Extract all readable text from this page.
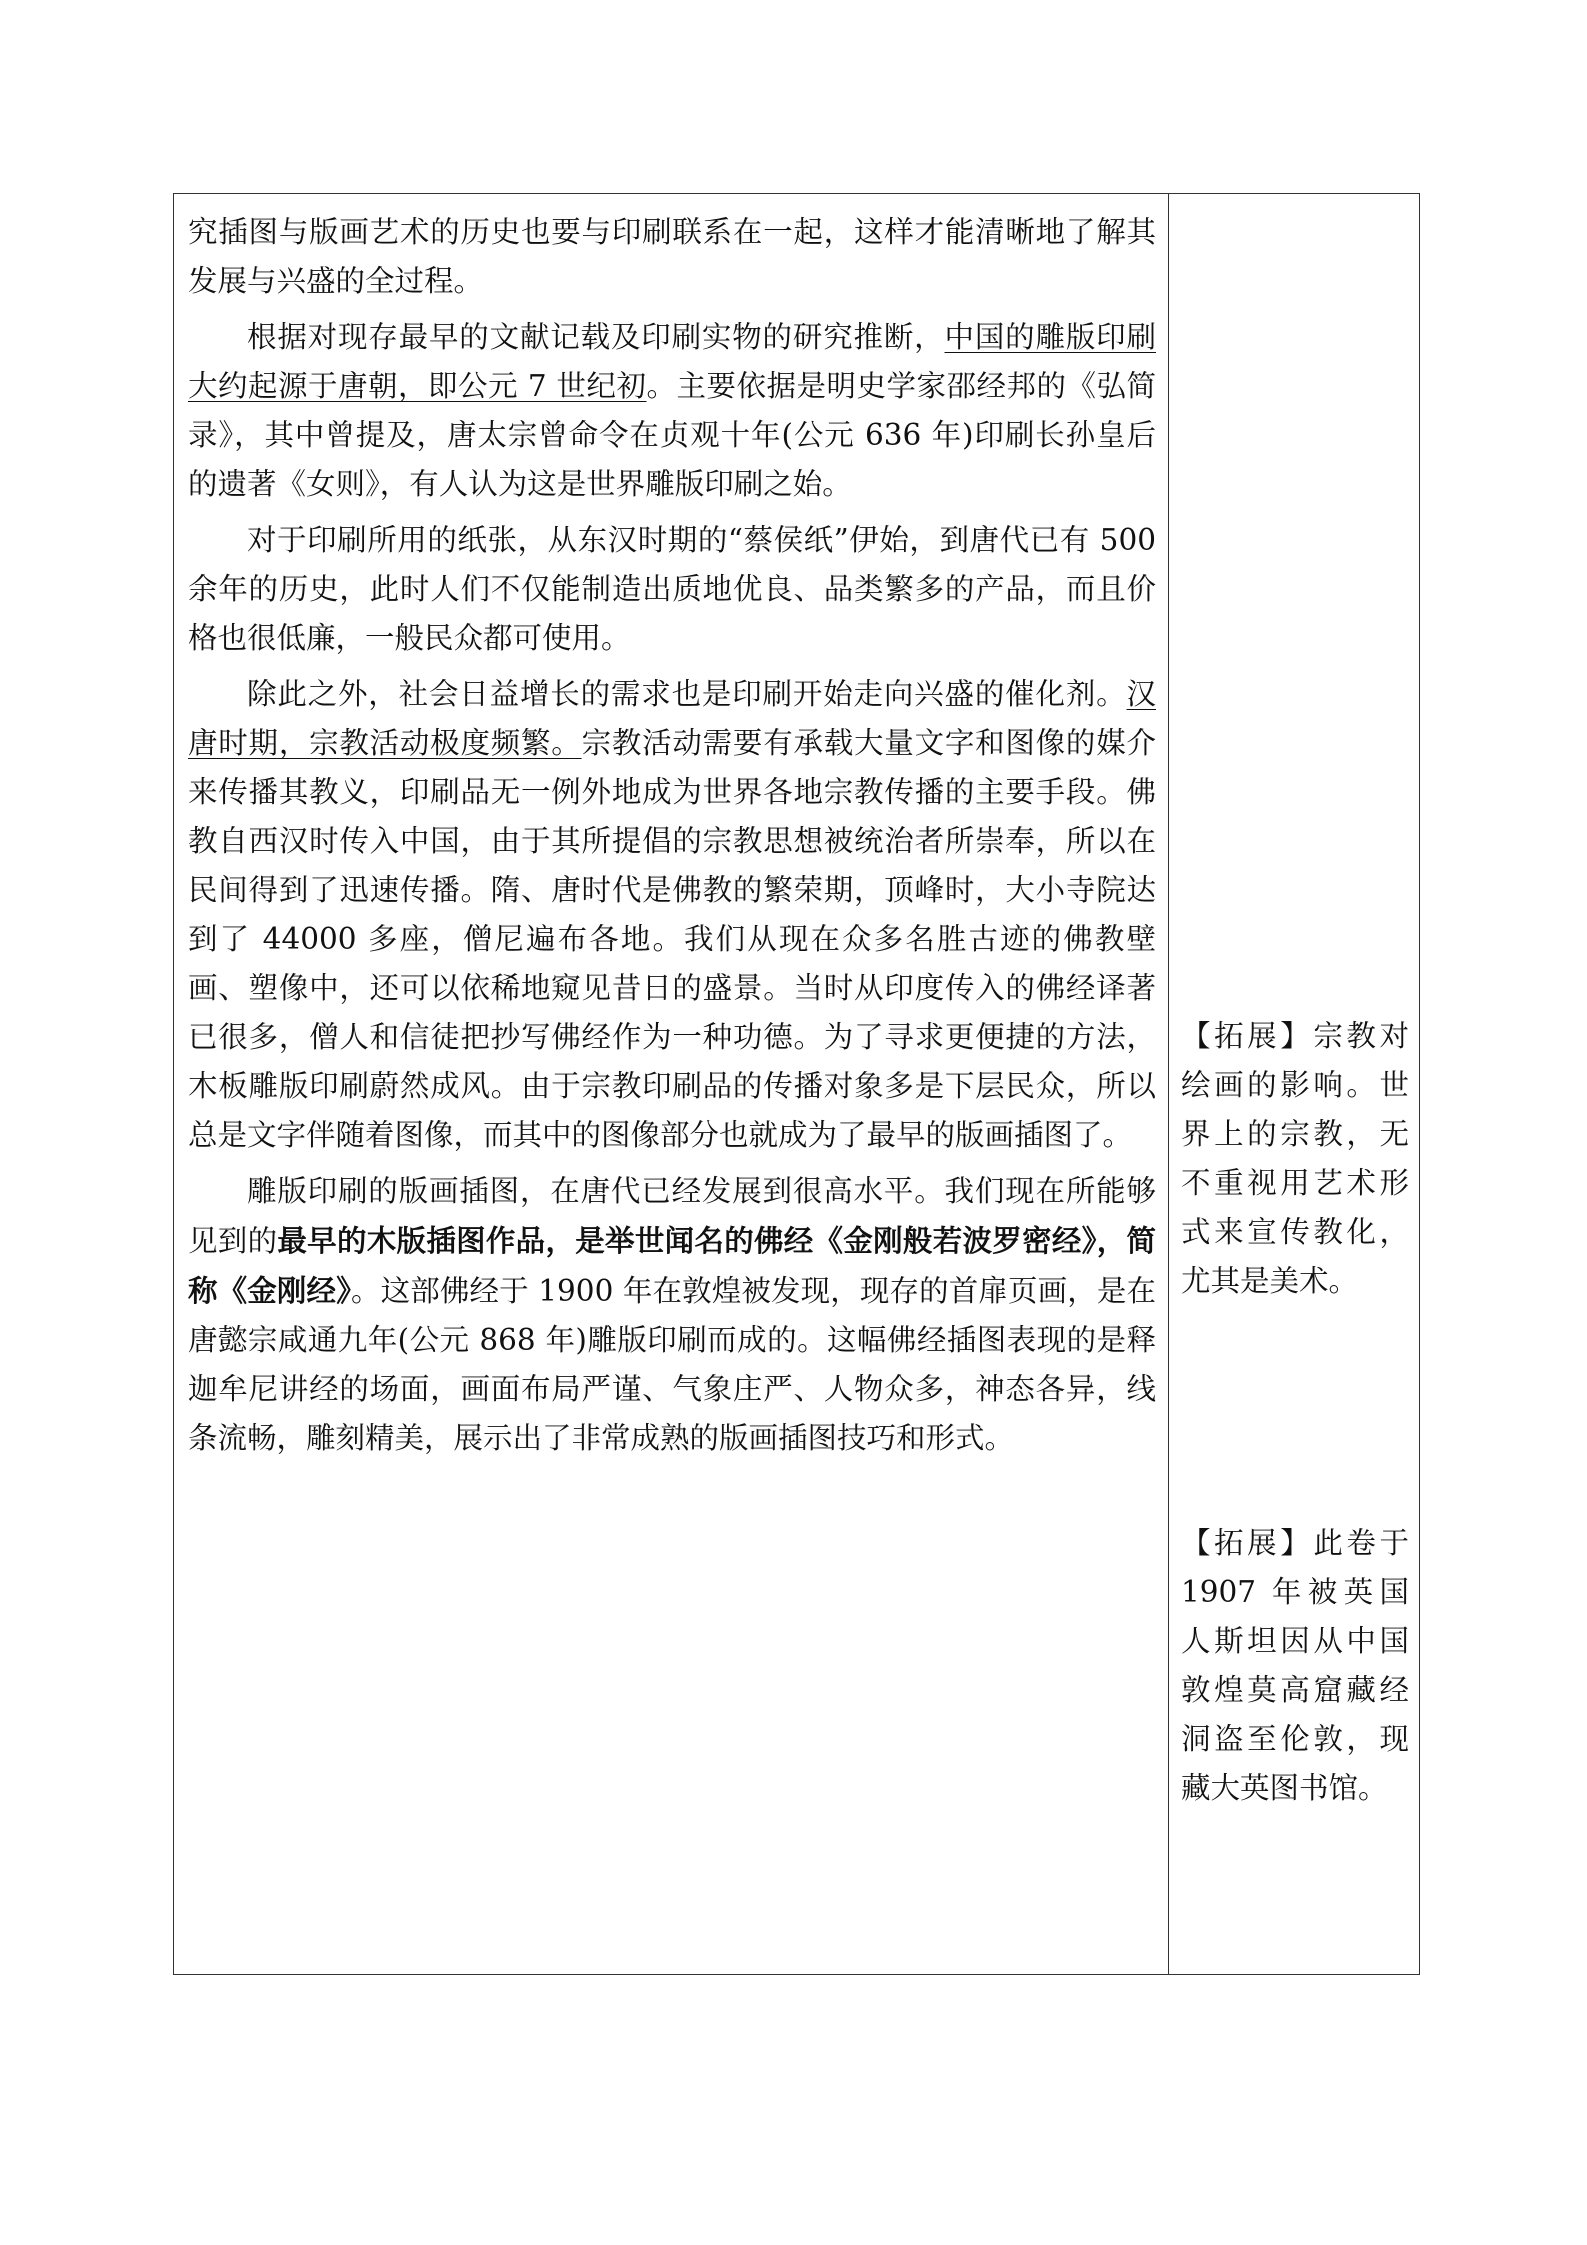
究插图与版画艺术的历史也要与印刷联系在一起，这样才能清晰地了解其发展与兴盛的全过程。

根据对现存最早的文献记载及印刷实物的研究推断，中国的雕版印刷大约起源于唐朝，即公元 7 世纪初。主要依据是明史学家邵经邦的《弘简录》，其中曾提及，唐太宗曾命令在贞观十年(公元 636 年)印刷长孙皇后的遗著《女则》，有人认为这是世界雕版印刷之始。

对于印刷所用的纸张，从东汉时期的“蔡侯纸”伊始，到唐代已有 500 余年的历史，此时人们不仅能制造出质地优良、品类繁多的产品，而且价格也很低廉，一般民众都可使用。

除此之外，社会日益增长的需求也是印刷开始走向兴盛的催化剂。汉唐时期，宗教活动极度频繁。宗教活动需要有承载大量文字和图像的媒介来传播其教义，印刷品无一例外地成为世界各地宗教传播的主要手段。佛教自西汉时传入中国，由于其所提倡的宗教思想被统治者所崇奉，所以在民间得到了迅速传播。隋、唐时代是佛教的繁荣期，顶峰时，大小寺院达到了 44000 多座，僧尼遍布各地。我们从现在众多名胜古迹的佛教壁画、塑像中，还可以依稀地窥见昔日的盛景。当时从印度传入的佛经译著已很多，僧人和信徒把抄写佛经作为一种功德。为了寻求更便捷的方法，木板雕版印刷蔚然成风。由于宗教印刷品的传播对象多是下层民众，所以总是文字伴随着图像，而其中的图像部分也就成为了最早的版画插图了。

雕版印刷的版画插图，在唐代已经发展到很高水平。我们现在所能够见到的最早的木版插图作品，是举世闻名的佛经《金刚般若波罗密经》，简称《金刚经》。这部佛经于 1900 年在敦煌被发现，现存的首扉页画，是在唐懿宗咸通九年(公元 868 年)雕版印刷而成的。这幅佛经插图表现的是释迦牟尼讲经的场面，画面布局严谨、气象庄严、人物众多，神态各异，线条流畅，雕刻精美，展示出了非常成熟的版画插图技巧和形式。

【拓展】宗教对绘画的影响。世界上的宗教，无不重视用艺术形式来宣传教化，尤其是美术。

【拓展】此卷于 1907 年被英国人斯坦因从中国敦煌莫高窟藏经洞盗至伦敦，现藏大英图书馆。
